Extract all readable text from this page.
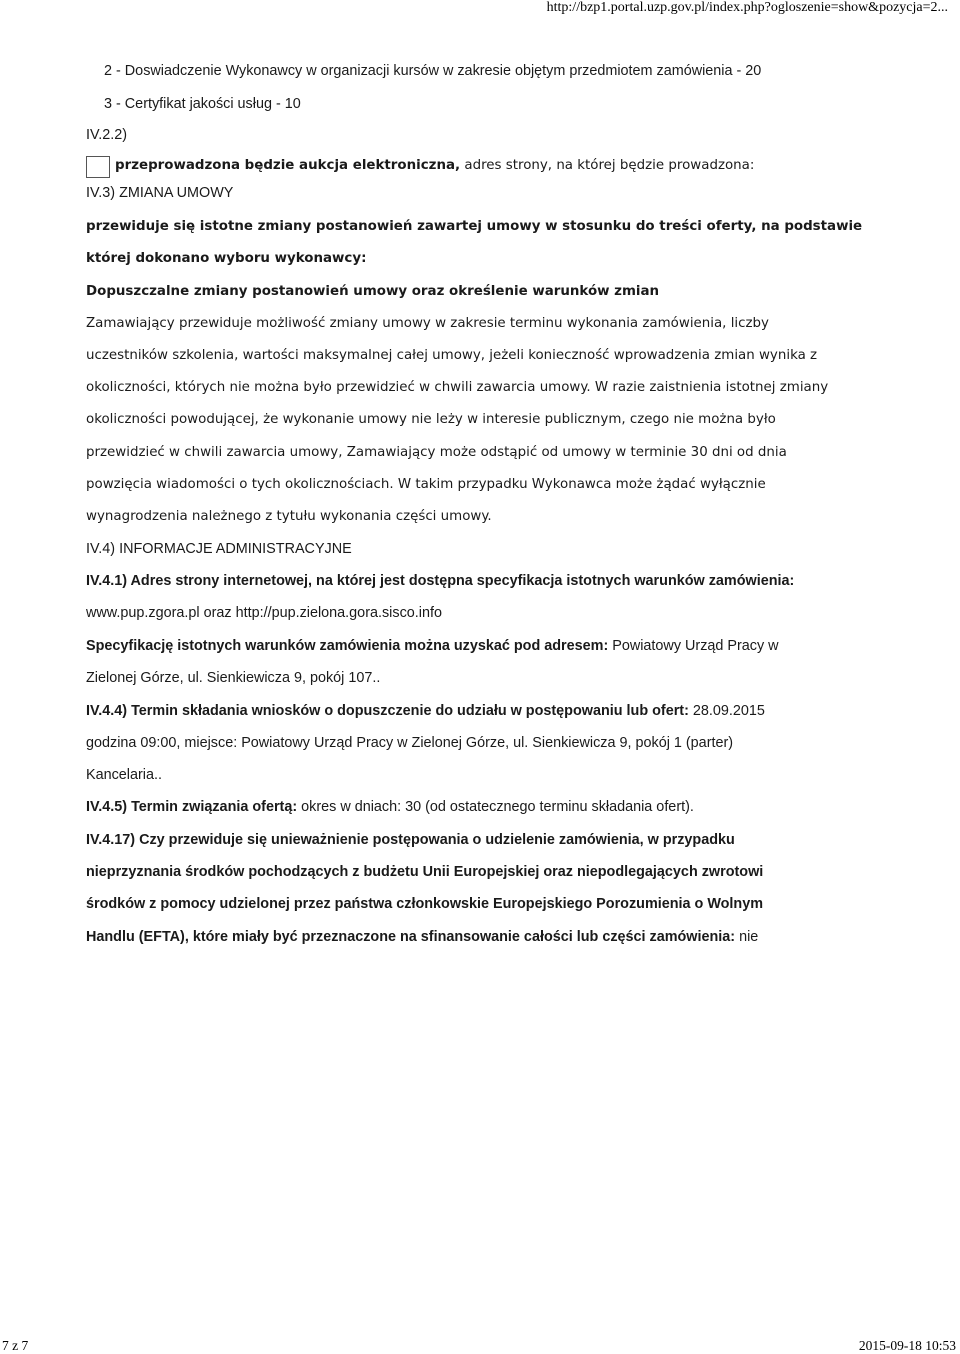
http://bzp1.portal.uzp.gov.pl/index.php?ogloszenie=show&pozycja=2...
2 - Doswiadczenie Wykonawcy w organizacji kursów w zakresie objętym przedmiotem zamówienia - 20
3 - Certyfikat jakości usług - 10
IV.2.2)
przeprowadzona będzie aukcja elektroniczna, adres strony, na której będzie prowadzona:
IV.3) ZMIANA UMOWY
przewiduje się istotne zmiany postanowień zawartej umowy w stosunku do treści oferty, na podstawie
której dokonano wyboru wykonawcy:
Dopuszczalne zmiany postanowień umowy oraz określenie warunków zmian
Zamawiający przewiduje możliwość zmiany umowy w zakresie terminu wykonania zamówienia, liczby
uczestników szkolenia, wartości maksymalnej całej umowy, jeżeli konieczność wprowadzenia zmian wynika z
okoliczności, których nie można było przewidzieć w chwili zawarcia umowy. W razie zaistnienia istotnej zmiany
okoliczności powodującej, że wykonanie umowy nie leży w interesie publicznym, czego nie można było
przewidzieć w chwili zawarcia umowy, Zamawiający może odstąpić od umowy w terminie 30 dni od dnia
powzięcia wiadomości o tych okolicznościach. W takim przypadku Wykonawca może żądać wyłącznie
wynagrodzenia należnego z tytułu wykonania części umowy.
IV.4) INFORMACJE ADMINISTRACYJNE
IV.4.1) Adres strony internetowej, na której jest dostępna specyfikacja istotnych warunków zamówienia:
www.pup.zgora.pl oraz http://pup.zielona.gora.sisco.info
Specyfikację istotnych warunków zamówienia można uzyskać pod adresem: Powiatowy Urząd Pracy w
Zielonej Górze, ul. Sienkiewicza 9, pokój 107..
IV.4.4) Termin składania wniosków o dopuszczenie do udziału w postępowaniu lub ofert: 28.09.2015
godzina 09:00, miejsce: Powiatowy Urząd Pracy w Zielonej Górze, ul. Sienkiewicza 9, pokój 1 (parter)
Kancelaria..
IV.4.5) Termin związania ofertą: okres w dniach: 30 (od ostatecznego terminu składania ofert).
IV.4.17) Czy przewiduje się unieważnienie postępowania o udzielenie zamówienia, w przypadku
nieprzyznania środków pochodzących z budżetu Unii Europejskiej oraz niepodlegających zwrotowi
środków z pomocy udzielonej przez państwa członkowskie Europejskiego Porozumienia o Wolnym
Handlu (EFTA), które miały być przeznaczone na sfinansowanie całości lub części zamówienia: nie
7 z 7	2015-09-18 10:53
